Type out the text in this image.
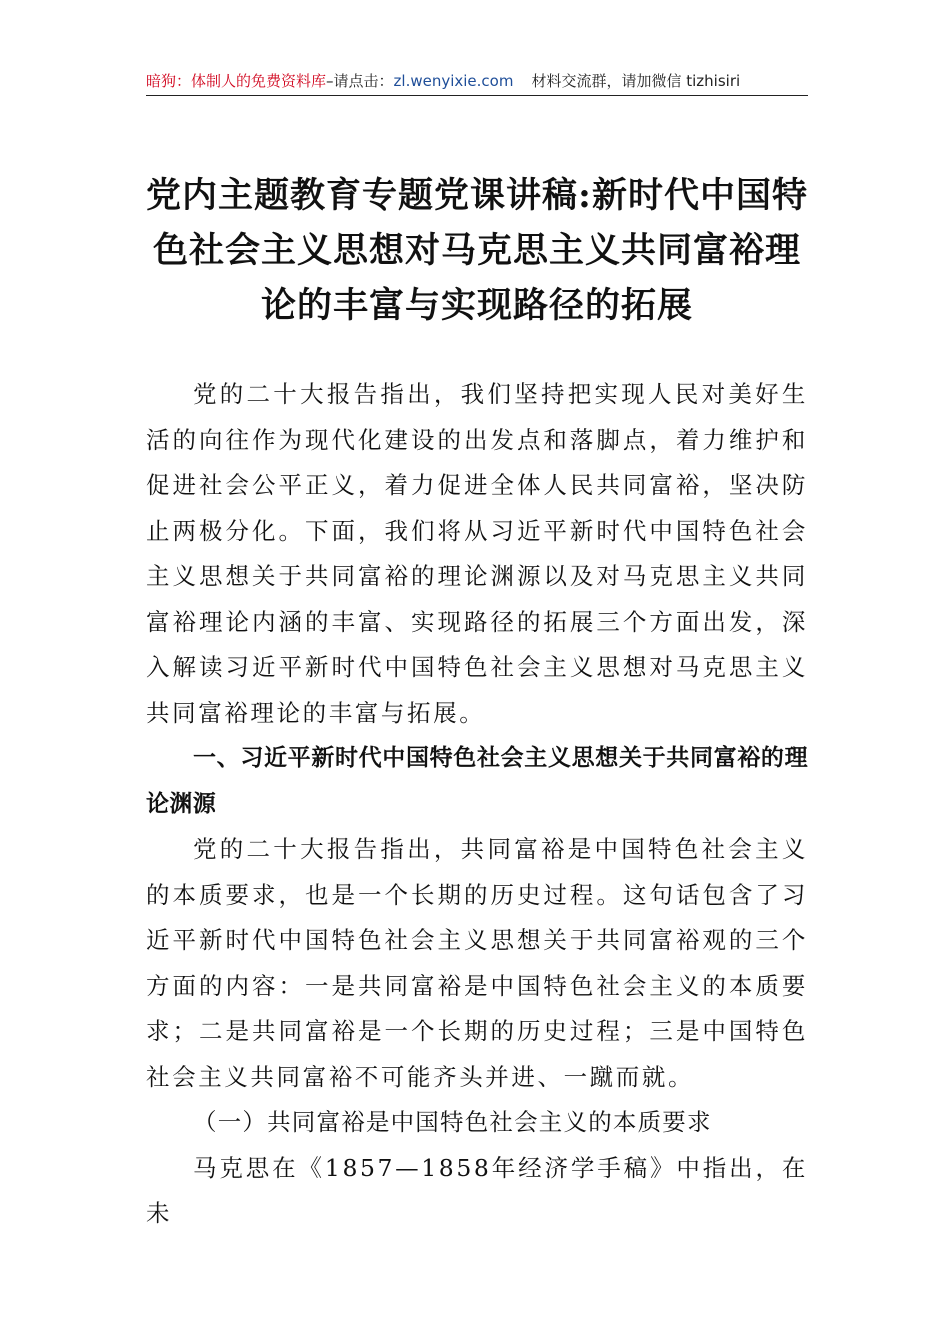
暗狗：体制人的免费资料库–请点击：zl.wenyixie.com 材料交流群，请加微信 tizhisiri
党内主题教育专题党课讲稿:新时代中国特色社会主义思想对马克思主义共同富裕理论的丰富与实现路径的拓展

党的二十大报告指出，我们坚持把实现人民对美好生活的向往作为现代化建设的出发点和落脚点，着力维护和促进社会公平正义，着力促进全体人民共同富裕，坚决防止两极分化。下面，我们将从习近平新时代中国特色社会主义思想关于共同富裕的理论渊源以及对马克思主义共同富裕理论内涵的丰富、实现路径的拓展三个方面出发，深入解读习近平新时代中国特色社会主义思想对马克思主义共同富裕理论的丰富与拓展。

一、习近平新时代中国特色社会主义思想关于共同富裕的理论渊源

党的二十大报告指出，共同富裕是中国特色社会主义的本质要求，也是一个长期的历史过程。这句话包含了习近平新时代中国特色社会主义思想关于共同富裕观的三个方面的内容：一是共同富裕是中国特色社会主义的本质要求；二是共同富裕是一个长期的历史过程；三是中国特色社会主义共同富裕不可能齐头并进、一蹴而就。

（一）共同富裕是中国特色社会主义的本质要求

马克思在《1857—1858年经济学手稿》中指出，在未
